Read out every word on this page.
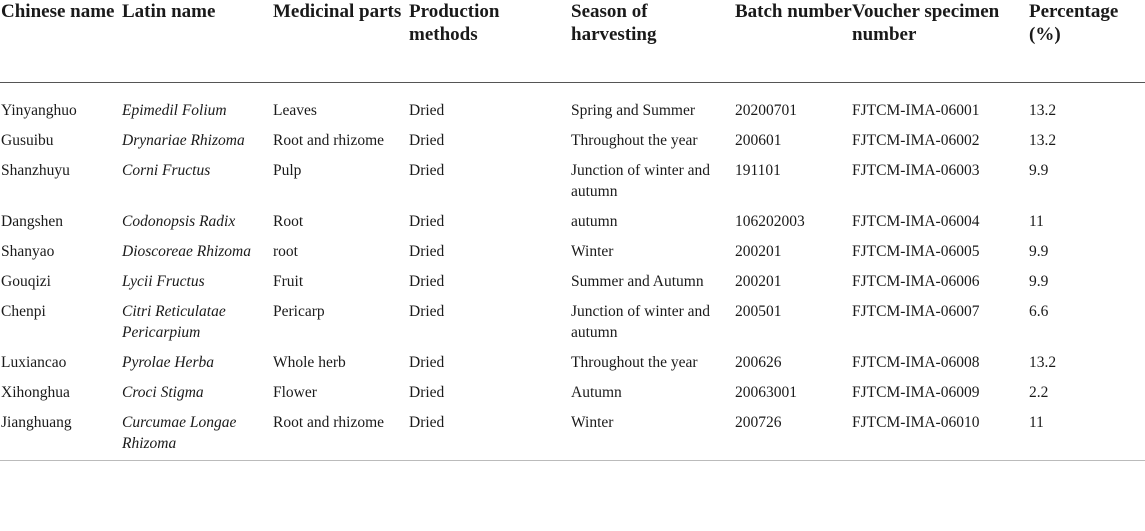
Chinese name	Latin name	Medicinal parts	Production methods	Season of harvesting	Batch number	Voucher specimen number	Percentage (%)
Yinyanghuo	Epimedil Folium	Leaves	Dried	Spring and Summer	20200701	FJTCM-IMA-06001	13.2
Gusuibu	Drynariae Rhizoma	Root and rhizome	Dried	Throughout the year	200601	FJTCM-IMA-06002	13.2
Shanzhuyu	Corni Fructus	Pulp	Dried	Junction of winter and autumn	191101	FJTCM-IMA-06003	9.9
Dangshen	Codonopsis Radix	Root	Dried	autumn	106202003	FJTCM-IMA-06004	11
Shanyao	Dioscoreae Rhizoma	root	Dried	Winter	200201	FJTCM-IMA-06005	9.9
Gouqizi	Lycii Fructus	Fruit	Dried	Summer and Autumn	200201	FJTCM-IMA-06006	9.9
Chenpi	Citri Reticulatae Pericarpium	Pericarp	Dried	Junction of winter and autumn	200501	FJTCM-IMA-06007	6.6
Luxiancao	Pyrolae Herba	Whole herb	Dried	Throughout the year	200626	FJTCM-IMA-06008	13.2
Xihonghua	Croci Stigma	Flower	Dried	Autumn	20063001	FJTCM-IMA-06009	2.2
Jianghuang	Curcumae Longae Rhizoma	Root and rhizome	Dried	Winter	200726	FJTCM-IMA-06010	11
